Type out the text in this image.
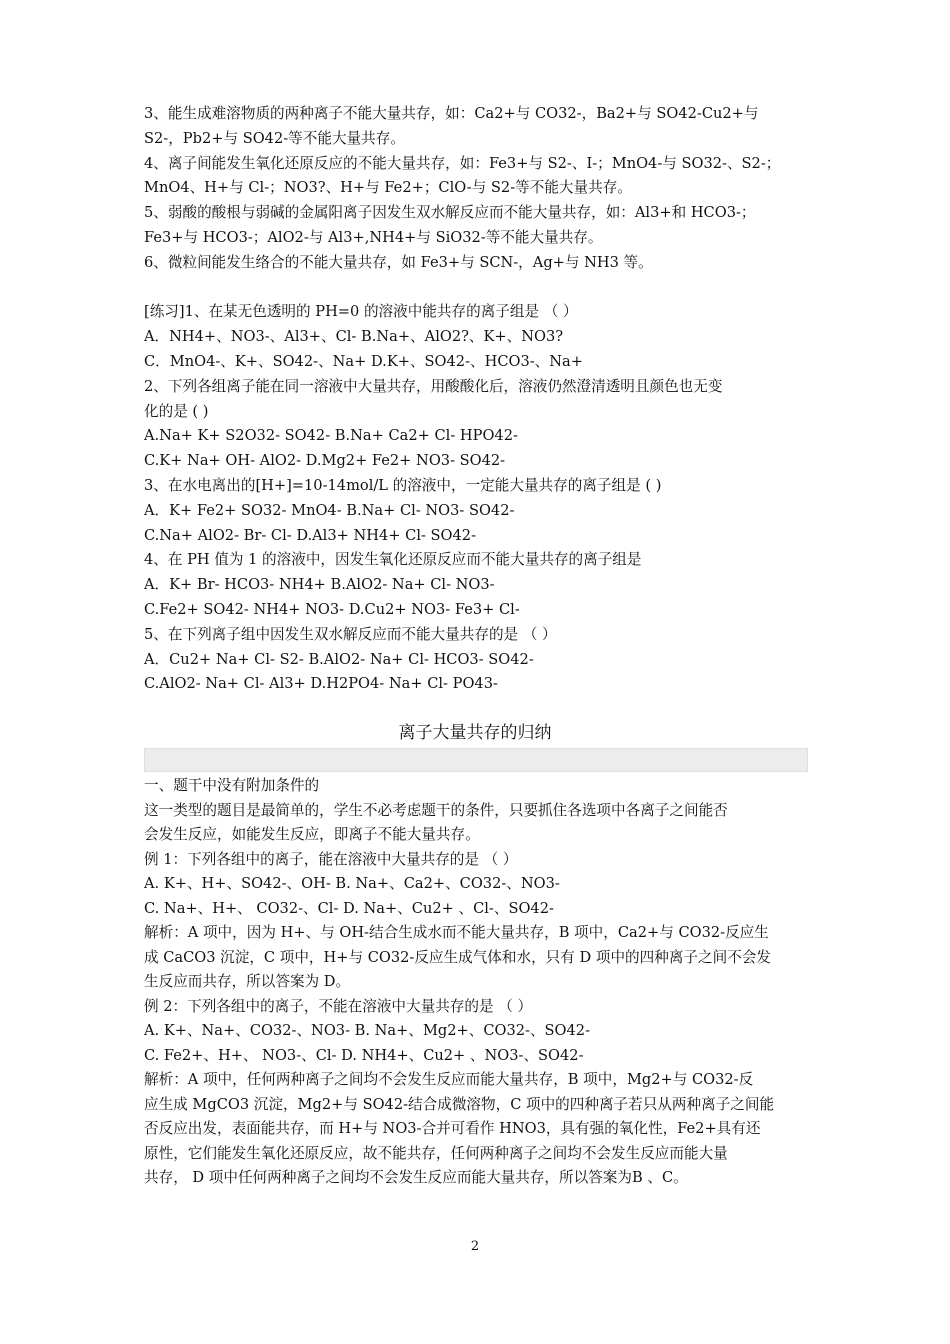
3、能生成难溶物质的两种离子不能大量共存，如：Ca2+与 CO32-，Ba2+与 SO42-Cu2+与
S2-，Pb2+与 SO42-等不能大量共存。
4、离子间能发生氧化还原反应的不能大量共存，如：Fe3+与 S2-、I-；MnO4-与 SO32-、S2-；
MnO4、H+与 Cl-；NO3?、H+与 Fe2+；ClO-与 S2-等不能大量共存。
5、弱酸的酸根与弱碱的金属阳离子因发生双水解反应而不能大量共存，如：Al3+和 HCO3-；
Fe3+与 HCO3-；AlO2-与 Al3+,NH4+与 SiO32-等不能大量共存。
6、微粒间能发生络合的不能大量共存，如 Fe3+与 SCN-，Ag+与 NH3 等。
[练习]1、在某无色透明的 PH=0 的溶液中能共存的离子组是 （ ）
A．NH4+、NO3-、Al3+、Cl- B.Na+、AlO2?、K+、NO3?
C．MnO4-、K+、SO42-、Na+ D.K+、SO42-、HCO3-、Na+
2、下列各组离子能在同一溶液中大量共存，用酸酸化后，溶液仍然澄清透明且颜色也无变
化的是 ( )
A.Na+ K+ S2O32- SO42- B.Na+ Ca2+ Cl- HPO42-
C.K+ Na+ OH- AlO2- D.Mg2+ Fe2+ NO3- SO42-
3、在水电离出的[H+]=10-14mol/L 的溶液中，一定能大量共存的离子组是 ( )
A．K+ Fe2+ SO32- MnO4- B.Na+ Cl- NO3- SO42-
C.Na+ AlO2- Br- Cl- D.Al3+ NH4+ Cl- SO42-
4、在 PH 值为 1 的溶液中，因发生氧化还原反应而不能大量共存的离子组是
A．K+ Br- HCO3- NH4+ B.AlO2- Na+ Cl- NO3-
C.Fe2+ SO42- NH4+ NO3- D.Cu2+ NO3- Fe3+ Cl-
5、在下列离子组中因发生双水解反应而不能大量共存的是 （ ）
A．Cu2+ Na+ Cl- S2- B.AlO2- Na+ Cl- HCO3- SO42-
C.AlO2- Na+ Cl- Al3+ D.H2PO4- Na+ Cl- PO43-
离子大量共存的归纳
一、题干中没有附加条件的
这一类型的题目是最简单的，学生不必考虑题干的条件，只要抓住各选项中各离子之间能否
会发生反应，如能发生反应，即离子不能大量共存。
例 1：下列各组中的离子，能在溶液中大量共存的是 （ ）
A. K+、H+、SO42-、OH- B. Na+、Ca2+、CO32-、NO3-
C. Na+、H+、 CO32-、Cl- D. Na+、Cu2+ 、Cl-、SO42-
解析：A 项中，因为 H+、与 OH-结合生成水而不能大量共存，B 项中，Ca2+与 CO32-反应生
成 CaCO3 沉淀，C 项中，H+与 CO32-反应生成气体和水，只有 D 项中的四种离子之间不会发
生反应而共存，所以答案为 D。
例 2：下列各组中的离子，不能在溶液中大量共存的是 （ ）
A. K+、Na+、CO32-、NO3- B. Na+、Mg2+、CO32-、SO42-
C. Fe2+、H+、 NO3-、Cl- D. NH4+、Cu2+ 、NO3-、SO42-
解析：A 项中，任何两种离子之间均不会发生反应而能大量共存，B 项中，Mg2+与 CO32-反
应生成 MgCO3 沉淀，Mg2+与 SO42-结合成微溶物，C 项中的四种离子若只从两种离子之间能
否反应出发，表面能共存，而 H+与 NO3-合并可看作 HNO3，具有强的氧化性，Fe2+具有还
原性，它们能发生氧化还原反应，故不能共存，任何两种离子之间均不会发生反应而能大量
共存， D 项中任何两种离子之间均不会发生反应而能大量共存，所以答案为B 、C。
2
